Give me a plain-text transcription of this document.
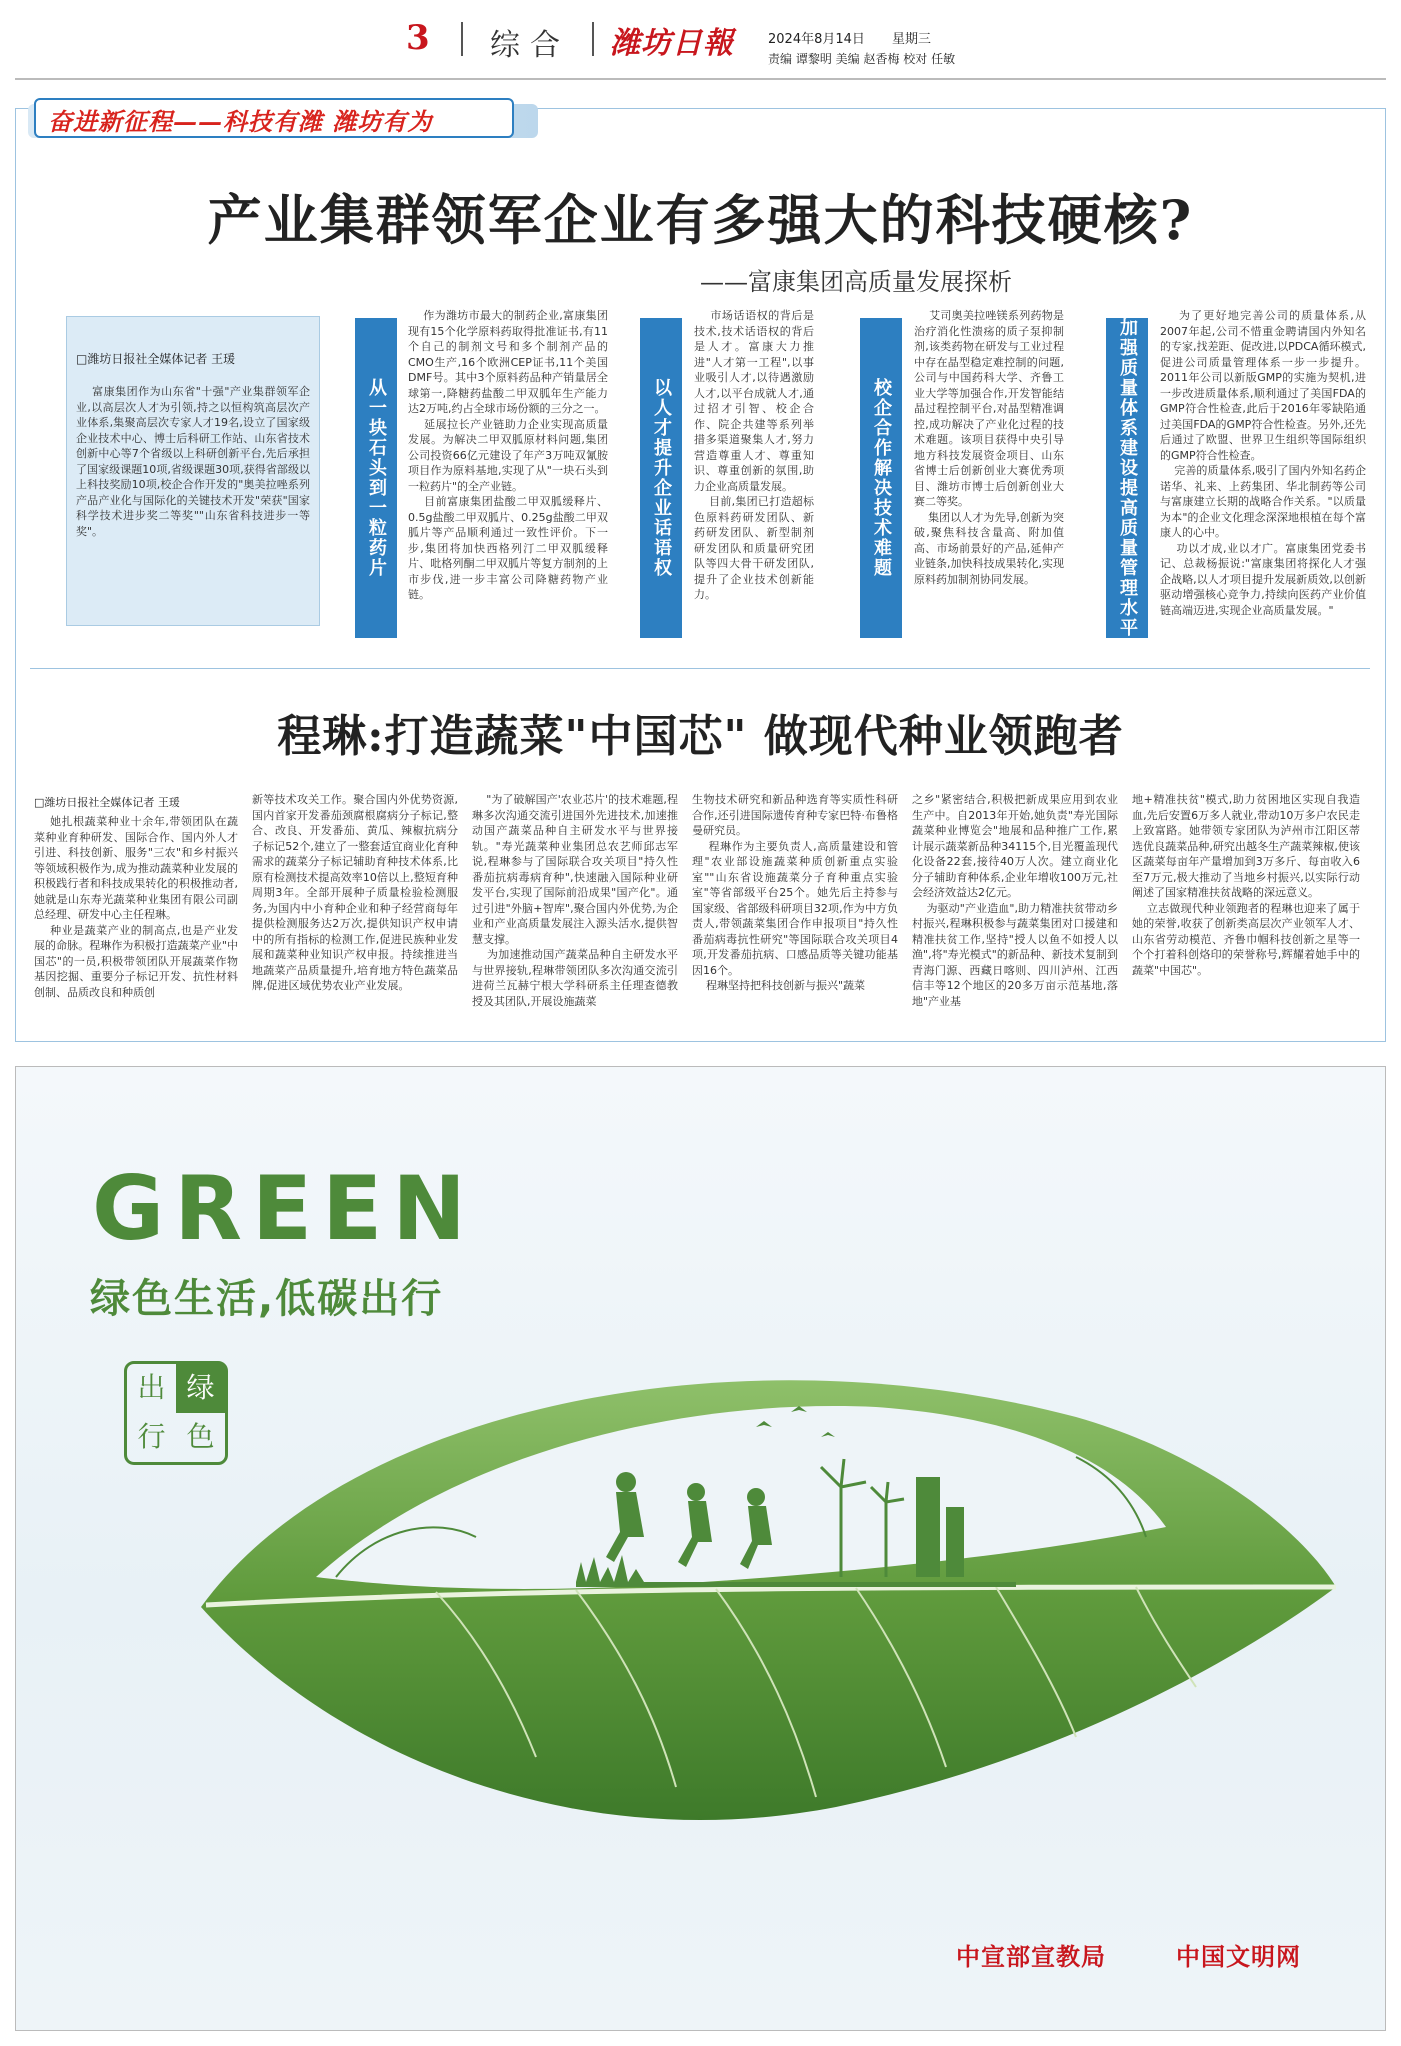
3 综合 潍坊日報	2024年8月14日 星期三
责编 谭黎明 美编 赵香梅 校对 任敏
奋进新征程——科技有潍 潍坊有为
产业集群领军企业有多强大的科技硬核?
——富康集团高质量发展探析
□潍坊日报社全媒体记者 王瑗
富康集团作为山东省"十强"产业集群领军企业,以高层次人才为引领,持之以恒构筑高层次产业体系,集聚高层次专家人才19名,设立了国家级企业技术中心、博士后科研工作站、山东省技术创新中心等7个省级以上科研创新平台,先后承担了国家级课题10项,省级课题30项,获得省部级以上科技奖励10项,校企合作开发的"奥美拉唑系列产品产业化与国际化的关键技术开发"荣获"国家科学技术进步奖二等奖""山东省科技进步一等奖"。	从一块石头到一粒药片
作为潍坊市最大的制药企业,富康集团现有15个化学原料药取得批准证书,有11个自己的制剂文号和多个制剂产品的CMO生产,16个欧洲CEP证书,11个美国DMF号。其中3个原料药品种产销量居全球第一,降糖药盐酸二甲双胍年生产能力达2万吨,约占全球市场份额的三分之一。
延展拉长产业链助力企业实现高质量发展。为解决二甲双胍原材料问题,集团公司投资66亿元建设了年产3万吨双氰胺项目作为原料基地,实现了从"一块石头到一粒药片"的全产业链。
目前富康集团盐酸二甲双胍缓释片、0.5g盐酸二甲双胍片、0.25g盐酸二甲双胍片等产品顺利通过一致性评价。下一步,集团将加快西格列汀二甲双胍缓释片、吡格列酮二甲双胍片等复方制剂的上市步伐,进一步丰富公司降糖药物产业链。
以人才提升企业话语权
市场话语权的背后是技术,技术话语权的背后是人才。富康大力推进"人才第一工程",以事业吸引人才,以待遇激励人才,以平台成就人才,通过招才引智、校企合作、院企共建等系列举措多渠道聚集人才,努力营造尊重人才、尊重知识、尊重创新的氛围,助力企业高质量发展。
目前,集团已打造超标色原料药研发团队、新药研发团队、新型制剂研发团队和质量研究团队等四大骨干研发团队,提升了企业技术创新能力。
校企合作解决技术难题
艾司奥美拉唑镁系列药物是治疗消化性溃疡的质子泵抑制剂,该类药物在研发与工业过程中存在晶型稳定难控制的问题,公司与中国药科大学、齐鲁工业大学等加强合作,开发智能结晶过程控制平台,对晶型精准调控,成功解决了产业化过程的技术难题。该项目获得中央引导地方科技发展资金项目、山东省博士后创新创业大赛优秀项目、潍坊市博士后创新创业大赛二等奖。
集团以人才为先导,创新为突破,聚焦科技含量高、附加值高、市场前景好的产品,延伸产业链条,加快科技成果转化,实现原料药加制剂协同发展。	加强质量体系建设提高质量管理水平
为了更好地完善公司的质量体系,从2007年起,公司不惜重金聘请国内外知名的专家,找差距、促改进,以PDCA循环模式,促进公司质量管理体系一步一步提升。2011年公司以新版GMP的实施为契机,进一步改进质量体系,顺利通过了美国FDA的GMP符合性检查,此后于2016年零缺陷通过美国FDA的GMP符合性检查。另外,还先后通过了欧盟、世界卫生组织等国际组织的GMP符合性检查。
完善的质量体系,吸引了国内外知名药企诺华、礼来、上药集团、华北制药等公司与富康建立长期的战略合作关系。"以质量为本"的企业文化理念深深地根植在每个富康人的心中。
功以才成,业以才广。富康集团党委书记、总裁杨振说:"富康集团将探化人才强企战略,以人才项目提升发展新质效,以创新驱动增强核心竞争力,持续向医药产业价值链高端迈进,实现企业高质量发展。"
程琳:打造蔬菜"中国芯" 做现代种业领跑者
□潍坊日报社全媒体记者 王瑗
她扎根蔬菜种业十余年,带领团队在蔬菜种业育种研发、国际合作、国内外人才引进、科技创新、服务"三农"和乡村振兴等领域积极作为,成为推动蔬菜种业发展的积极践行者和科技成果转化的积极推动者,她就是山东寿光蔬菜种业集团有限公司副总经理、研发中心主任程琳。
种业是蔬菜产业的制高点,也是产业发展的命脉。程琳作为积极打造蔬菜产业"中国芯"的一员,积极带领团队开展蔬菜作物基因挖掘、重要分子标记开发、抗性材料创制、品质改良和种质创
新等技术攻关工作。聚合国内外优势资源,国内首家开发番茄颈腐根腐病分子标记,整合、改良、开发番茄、黄瓜、辣椒抗病分子标记52个,建立了一整套适宜商业化育种需求的蔬菜分子标记辅助育种技术体系,比原有检测技术提高效率10倍以上,整短育种周期3年。全部开展种子质量检验检测服务,为国内中小育种企业和种子经营商每年提供检测服务达2万次,提供知识产权申请中的所有指标的检测工作,促进民族种业发展和蔬菜种业知识产权申报。持续推进当地蔬菜产品质量提升,培育地方特色蔬菜品牌,促进区域优势农业产业发展。
"为了破解国产'农业芯片'的技术难题,程琳多次沟通交流引进国外先进技术,加速推动国产蔬菜品种自主研发水平与世界接轨。"寿光蔬菜种业集团总农艺师邱志军说,程琳参与了国际联合攻关项目"持久性番茄抗病毒病育种",快速融入国际种业研发平台,实现了国际前沿成果"国产化"。通过引进"外脑+智库",聚合国内外优势,为企业和产业高质量发展注入源头活水,提供智慧支撑。
为加速推动国产蔬菜品种自主研发水平与世界接轨,程琳带领团队多次沟通交流引进荷兰瓦赫宁根大学科研系主任理查德教授及其团队,开展设施蔬菜
生物技术研究和新品种选育等实质性科研合作,还引进国际遗传育种专家巴特·布鲁格曼研究员。
程琳作为主要负责人,高质量建设和管理"农业部设施蔬菜种质创新重点实验室""山东省设施蔬菜分子育种重点实验室"等省部级平台25个。她先后主持参与国家级、省部级科研项目32项,作为中方负责人,带领蔬菜集团合作申报项目"持久性番茄病毒抗性研究"等国际联合攻关项目4项,开发番茄抗病、口感品质等关键功能基因16个。
程琳坚持把科技创新与振兴"蔬菜
之乡"紧密结合,积极把新成果应用到农业生产中。自2013年开始,她负责"寿光国际蔬菜种业博览会"地展和品种推广工作,累计展示蔬菜新品种34115个,目光覆盖现代化设备22套,接待40万人次。建立商业化分子辅助育种体系,企业年增收100万元,社会经济效益达2亿元。
为驱动"产业造血",助力精准扶贫带动乡村振兴,程琳积极参与蔬菜集团对口援建和精准扶贫工作,坚持"授人以鱼不如授人以渔",将"寿光模式"的新品种、新技术复制到青海门源、西藏日喀则、四川泸州、江西信丰等12个地区的20多万亩示范基地,落地"产业基
地+精准扶贫"模式,助力贫困地区实现自我造血,先后安置6万多人就业,带动10万多户农民走上致富路。她带领专家团队为泸州市江阳区蒂选优良蔬菜品种,研究出越冬生产蔬菜辣椒,使该区蔬菜每亩年产量增加到3万多斤、每亩收入6至7万元,极大推动了当地乡村振兴,以实际行动阐述了国家精准扶贫战略的深远意义。
立志做现代种业领跑者的程琳也迎来了属于她的荣誉,收获了创新类高层次产业领军人才、山东省劳动模范、齐鲁巾帼科技创新之星等一个个打着科创烙印的荣誉称号,辉耀着她手中的蔬菜"中国芯"。
GREEN
绿色生活,低碳出行
出 绿
行 色
中宣部宣教局	中国文明网
